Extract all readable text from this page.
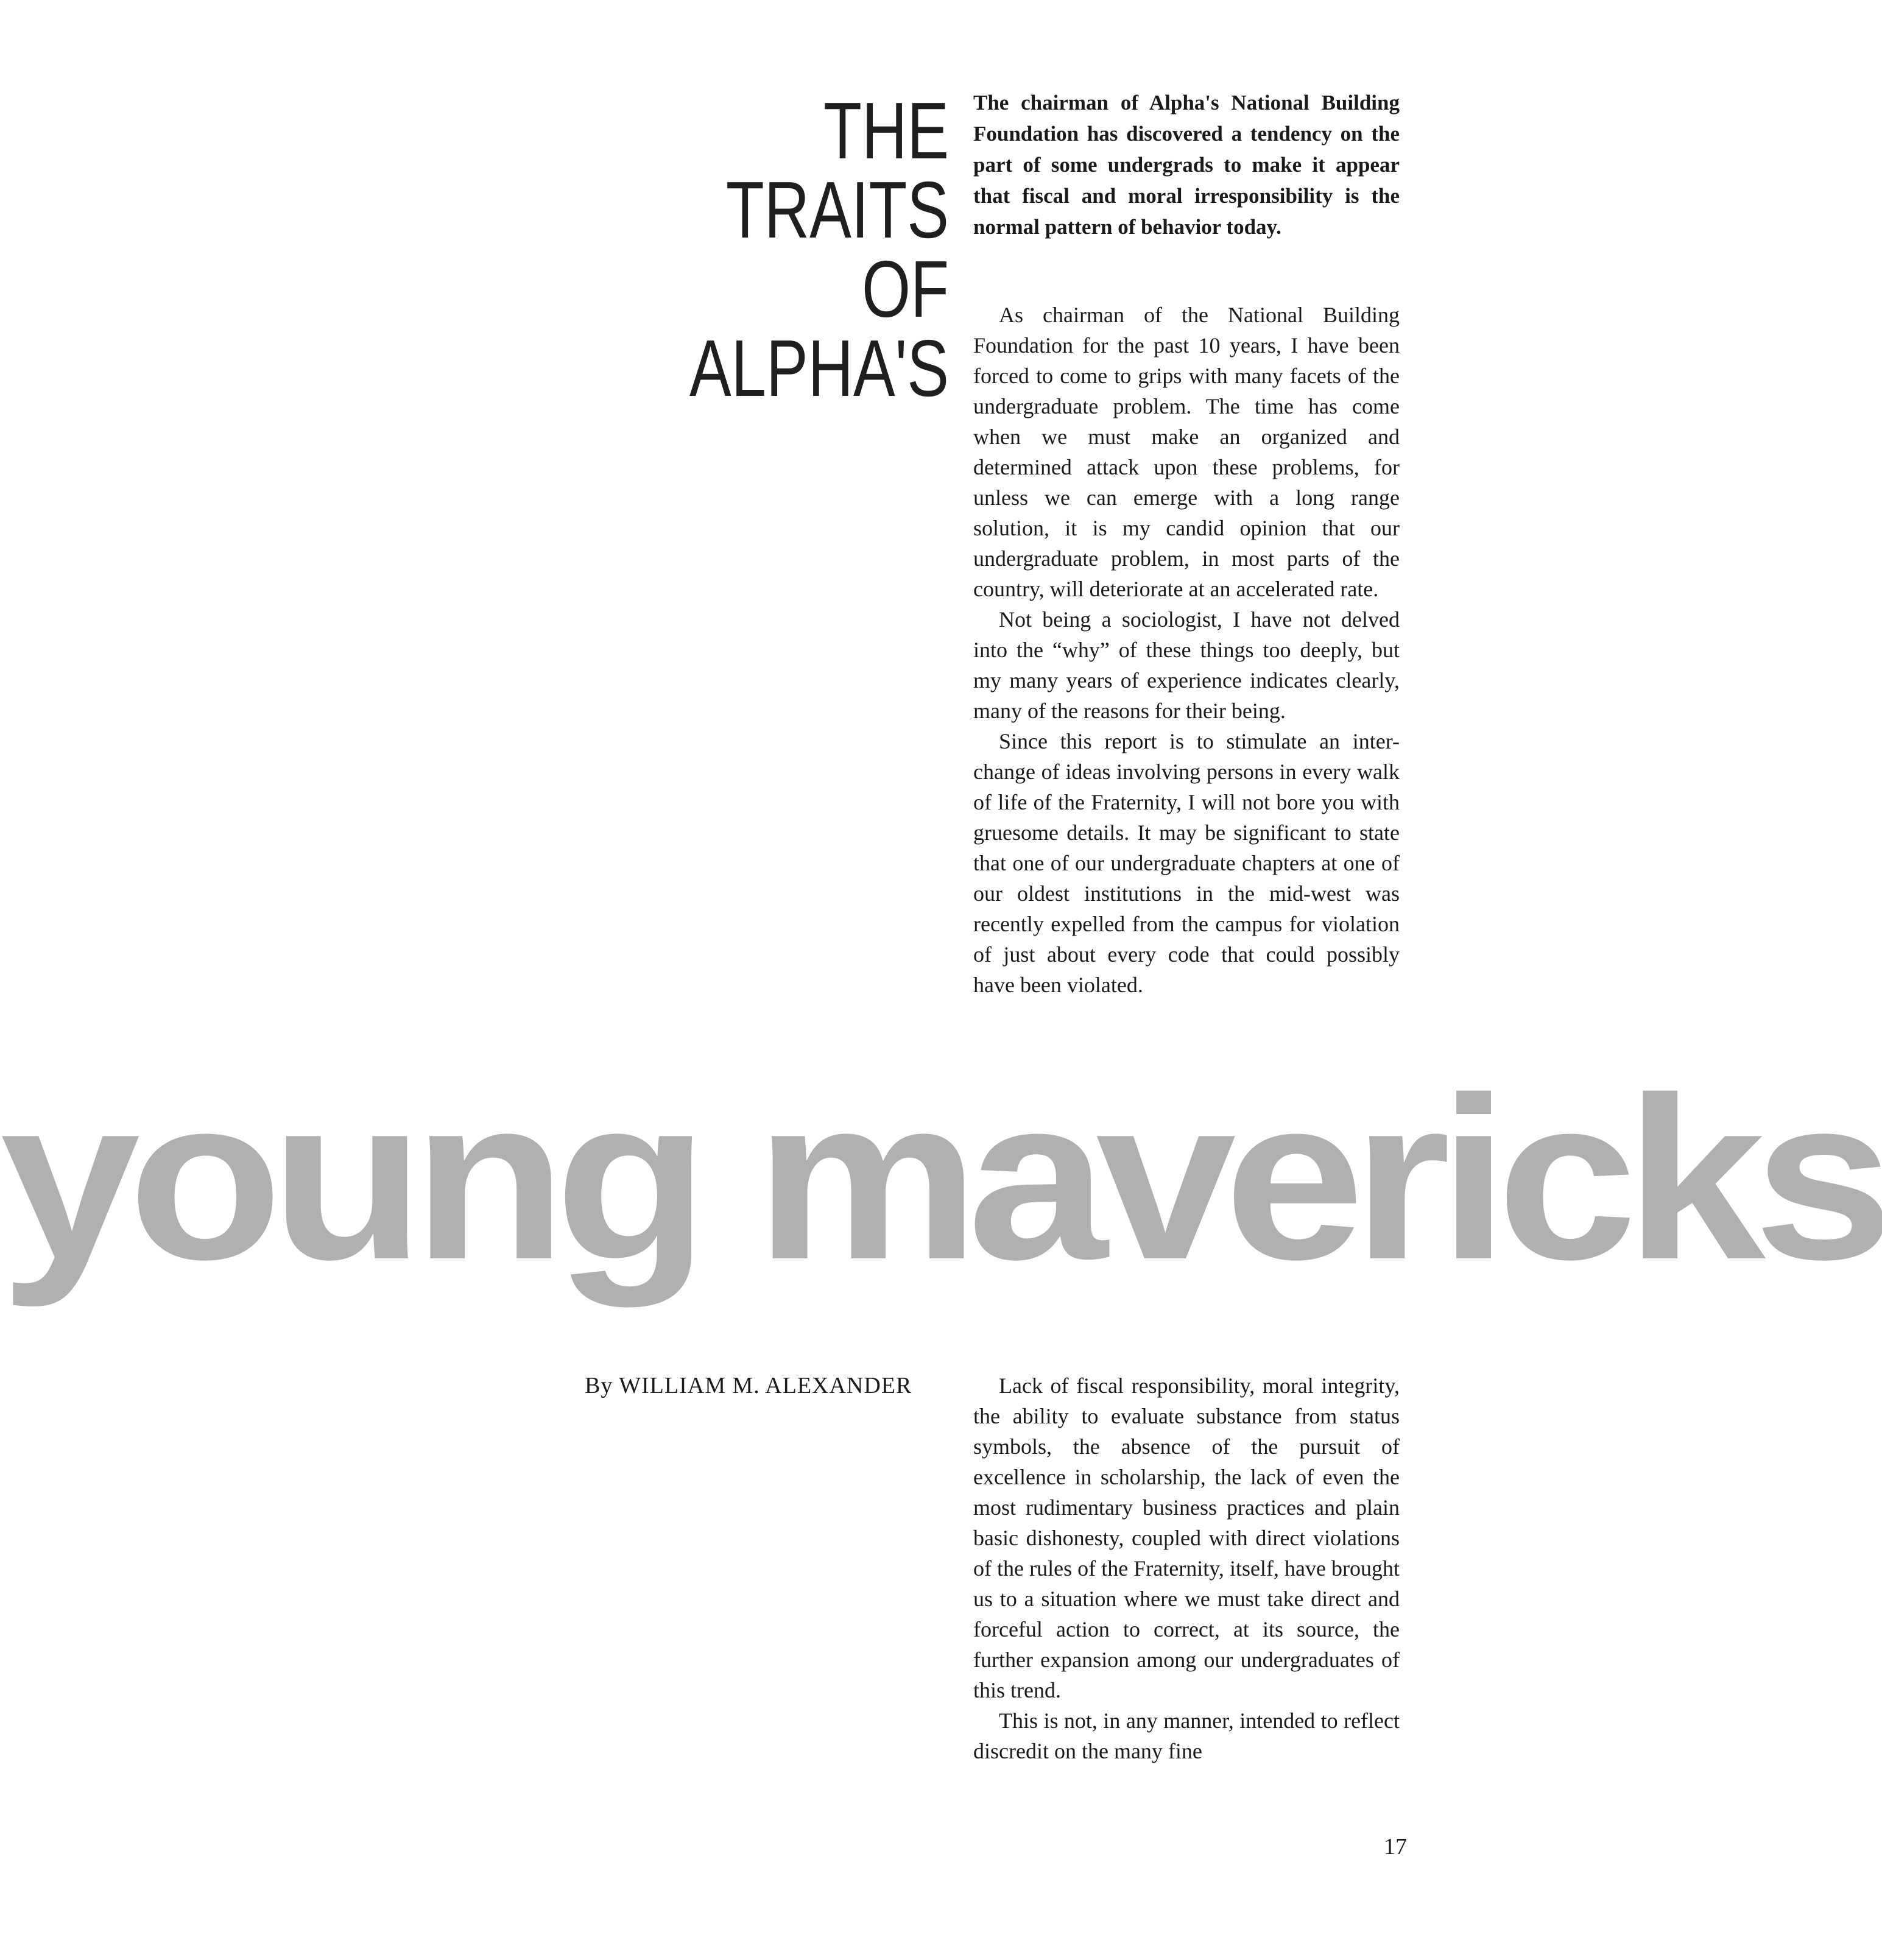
THE
TRAITS
OF
ALPHA'S
The chairman of Alpha's National Building Foundation has discovered a tendency on the part of some undergrads to make it appear that fiscal and moral irresponsibility is the normal pattern of behavior today.

As chairman of the National Building Foundation for the past 10 years, I have been forced to come to grips with many facets of the undergraduate problem. The time has come when we must make an organized and determined attack upon these problems, for unless we can emerge with a long range solution, it is my candid opinion that our undergraduate problem, in most parts of the country, will deteriorate at an accelerated rate.

Not being a sociologist, I have not delved into the “why” of these things too deeply, but my many years of experience indicates clearly, many of the reasons for their being.

Since this report is to stimulate an inter-change of ideas involving persons in every walk of life of the Fraternity, I will not bore you with gruesome details. It may be significant to state that one of our undergraduate chapters at one of our oldest institutions in the mid-west was recently expelled from the campus for violation of just about every code that could possibly have been violated.

young mavericks
By WILLIAM M. ALEXANDER	Lack of fiscal responsibility, moral integrity, the ability to evaluate substance from status symbols, the absence of the pursuit of excellence in scholarship, the lack of even the most rudimentary business practices and plain basic dishonesty, coupled with direct violations of the rules of the Fraternity, itself, have brought us to a situation where we must take direct and forceful action to correct, at its source, the further expansion among our undergraduates of this trend.

This is not, in any manner, intended to reflect discredit on the many fine

17
